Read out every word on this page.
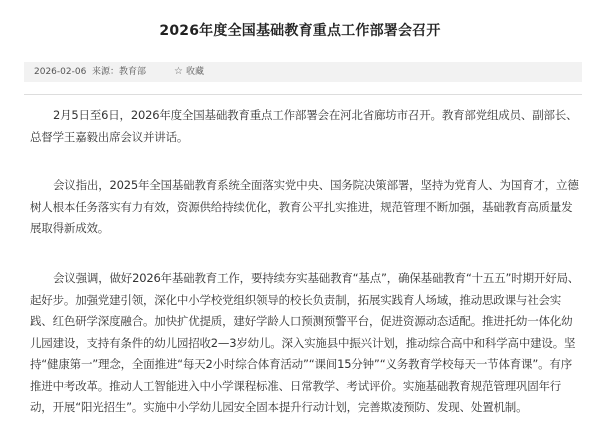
2026年度全国基础教育重点工作部署会召开
2026-02-06 来源：教育部	☆ 收藏

2月5日至6日，2026年度全国基础教育重点工作部署会在河北省廊坊市召开。教育部党组成员、副部长、总督学王嘉毅出席会议并讲话。

会议指出，2025年全国基础教育系统全面落实党中央、国务院决策部署，坚持为党育人、为国育才，立德树人根本任务落实有力有效，资源供给持续优化，教育公平扎实推进，规范管理不断加强，基础教育高质量发展取得新成效。

会议强调，做好2026年基础教育工作，要持续夯实基础教育“基点”，确保基础教育“十五五”时期开好局、起好步。加强党建引领，深化中小学校党组织领导的校长负责制，拓展实践育人场域，推动思政课与社会实践、红色研学深度融合。加快扩优提质，建好学龄人口预测预警平台，促进资源动态适配。推进托幼一体化幼儿园建设，支持有条件的幼儿园招收2—3岁幼儿。深入实施县中振兴计划，推动综合高中和科学高中建设。坚持“健康第一”理念，全面推进“每天2小时综合体育活动”“课间15分钟”“义务教育学校每天一节体育课”。有序推进中考改革。推动人工智能进入中小学课程标准、日常教学、考试评价。实施基础教育规范管理巩固年行动，开展“阳光招生”。实施中小学幼儿园安全固本提升行动计划，完善欺凌预防、发现、处置机制。
